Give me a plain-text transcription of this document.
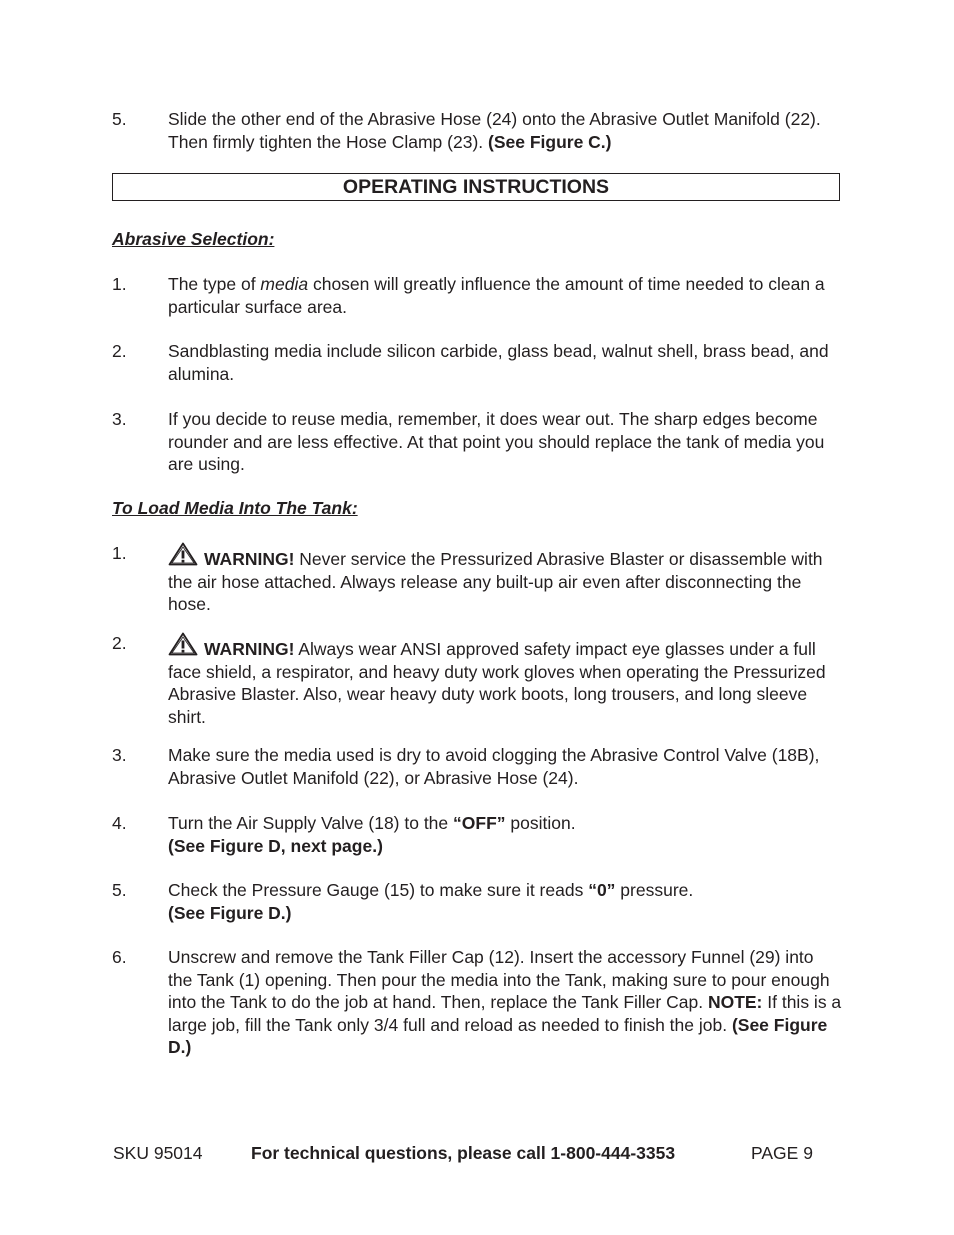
5. Slide the other end of the Abrasive Hose (24) onto the Abrasive Outlet Manifold (22). Then firmly tighten the Hose Clamp (23). (See Figure C.)
OPERATING INSTRUCTIONS
Abrasive Selection:
1. The type of media chosen will greatly influence the amount of time needed to clean a particular surface area.
2. Sandblasting media include silicon carbide, glass bead, walnut shell, brass bead, and alumina.
3. If you decide to reuse media, remember, it does wear out. The sharp edges become rounder and are less effective. At that point you should replace the tank of media you are using.
To Load Media Into The Tank:
1.	WARNING! Never service the Pressurized Abrasive Blaster or disassemble with the air hose attached. Always release any built-up air even after disconnecting the hose.
2.	WARNING! Always wear ANSI approved safety impact eye glasses under a full face shield, a respirator, and heavy duty work gloves when operating the Pressurized Abrasive Blaster. Also, wear heavy duty work boots, long trousers, and long sleeve shirt.
3. Make sure the media used is dry to avoid clogging the Abrasive Control Valve (18B), Abrasive Outlet Manifold (22), or Abrasive Hose (24).
4. Turn the Air Supply Valve (18) to the “OFF” position.
(See Figure D, next page.)
5. Check the Pressure Gauge (15) to make sure it reads “0” pressure.
(See Figure D.)
6. Unscrew and remove the Tank Filler Cap (12). Insert the accessory Funnel (29) into the Tank (1) opening. Then pour the media into the Tank, making sure to pour enough into the Tank to do the job at hand. Then, replace the Tank Filler Cap. NOTE: If this is a large job, fill the Tank only 3/4 full and reload as needed to finish the job. (See Figure D.)
SKU 95014	For technical questions, please call 1-800-444-3353	PAGE 9
